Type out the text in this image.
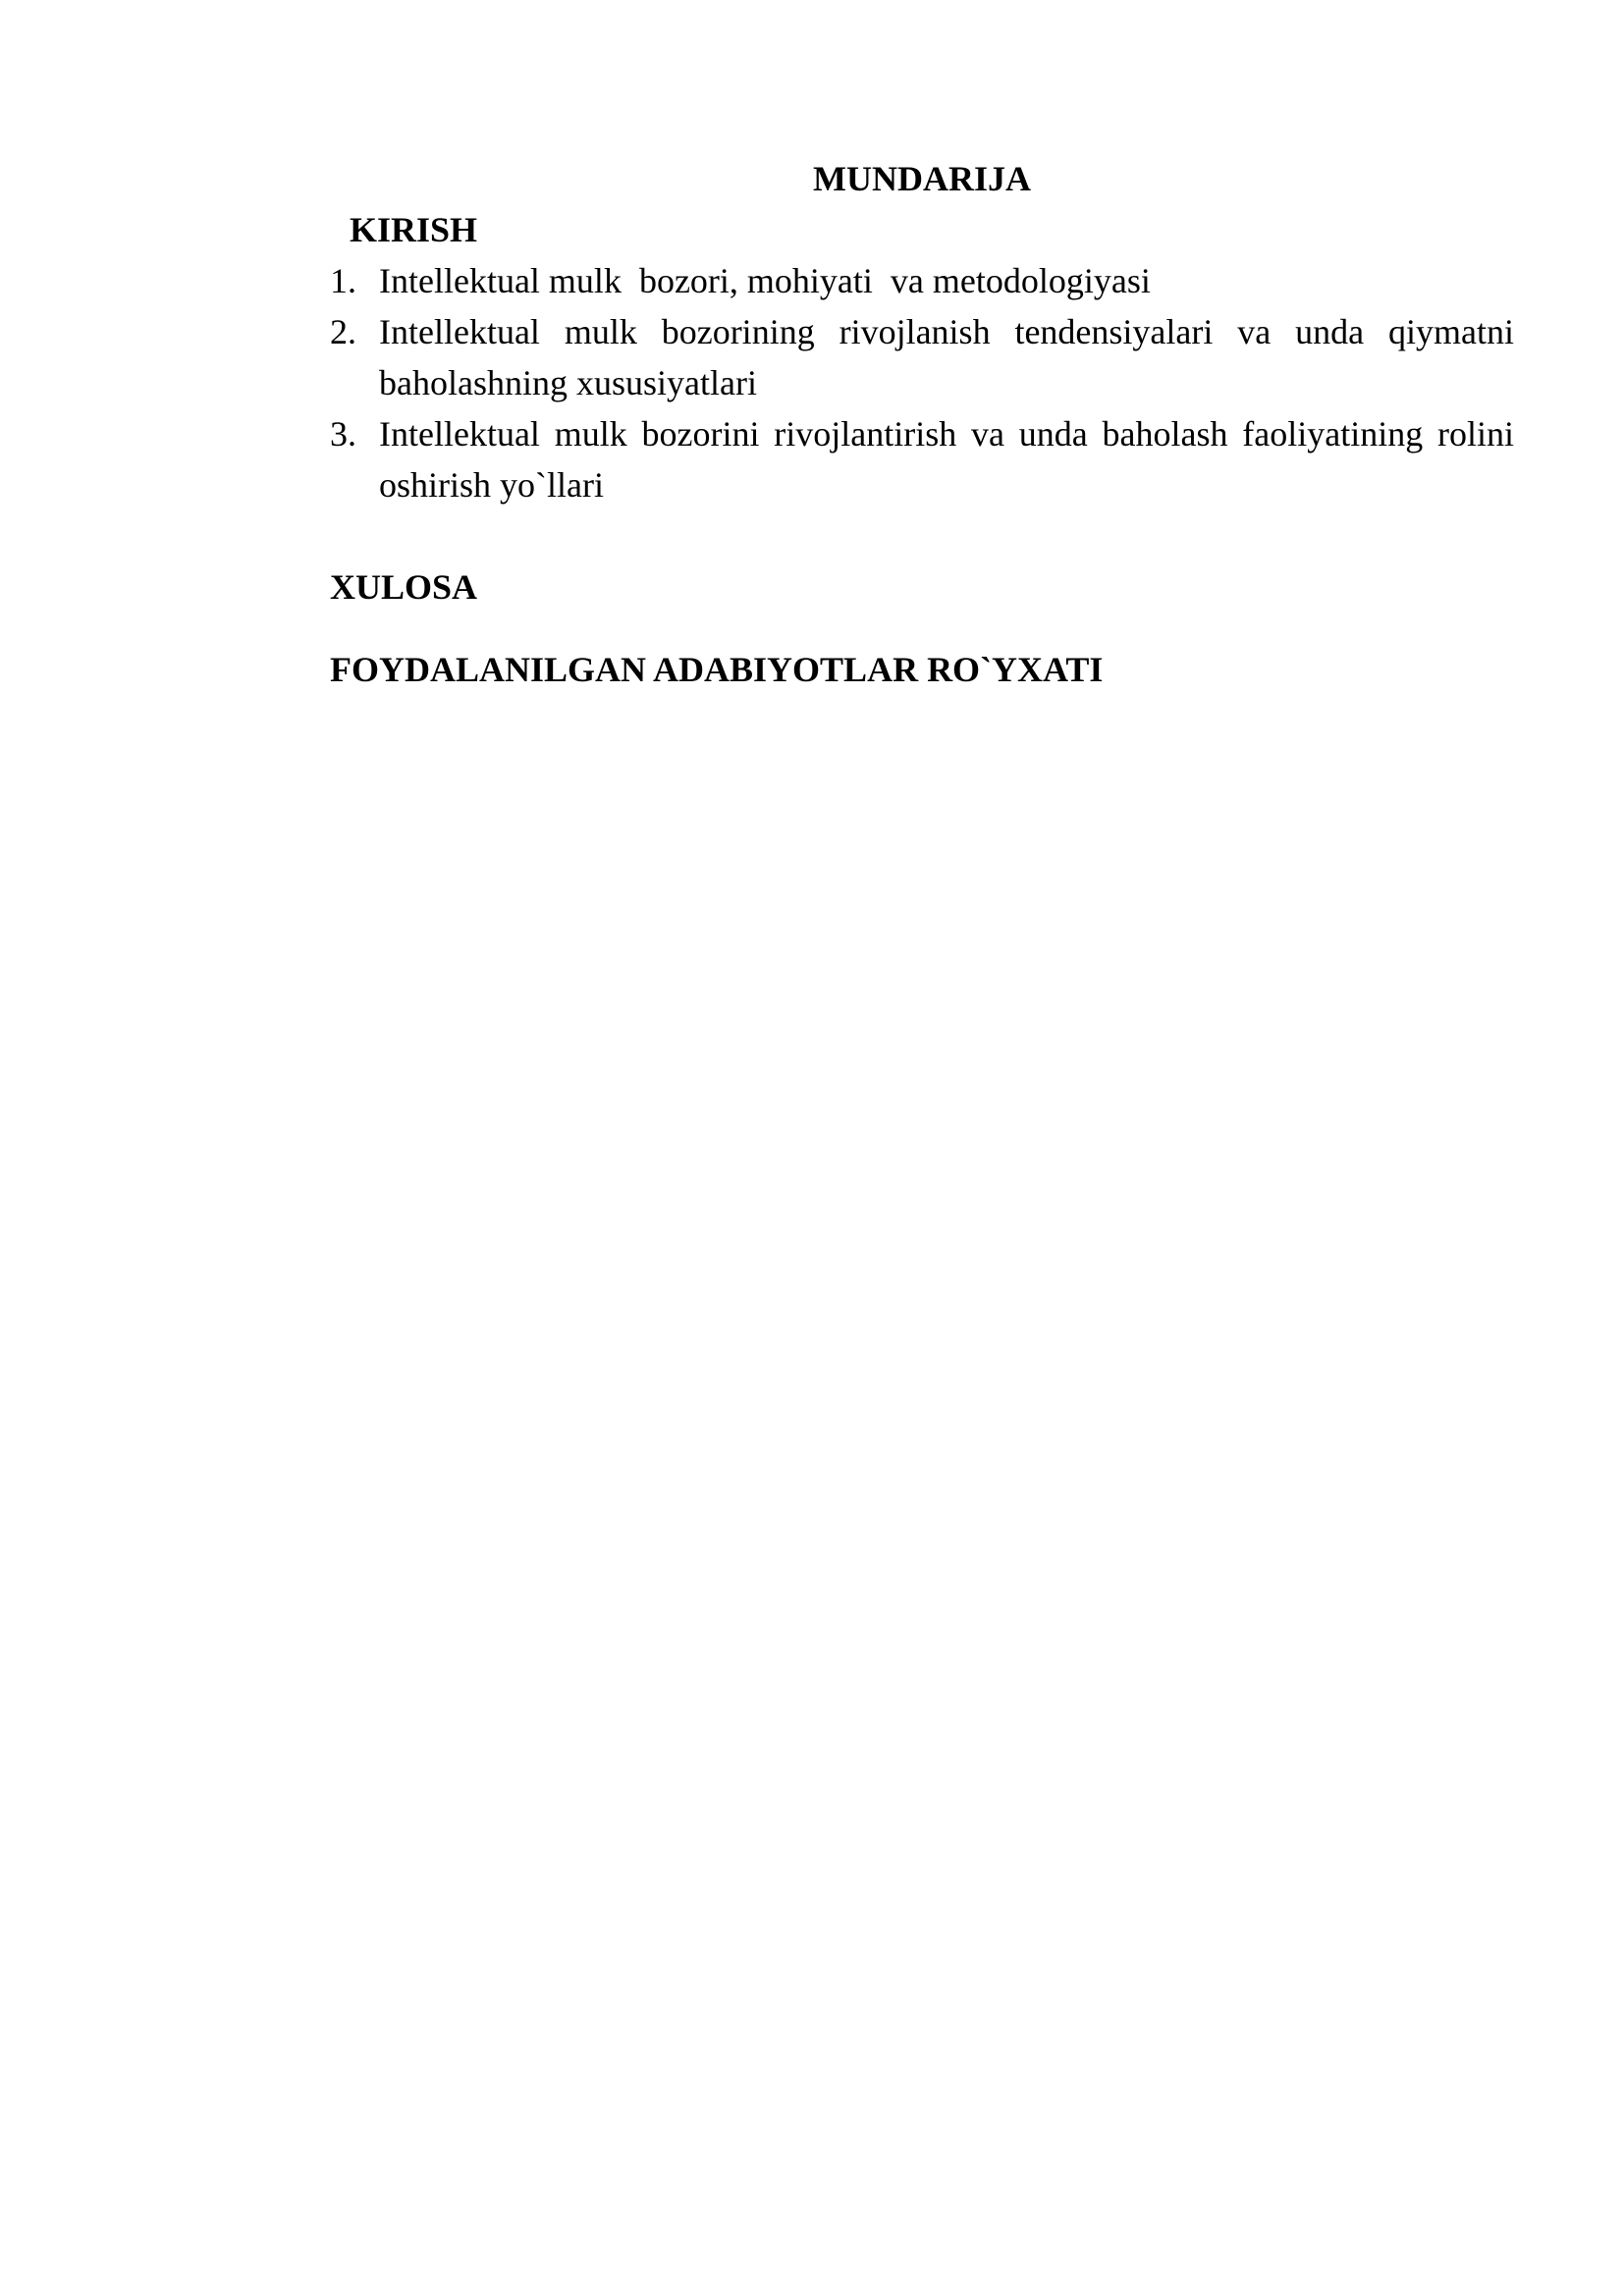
MUNDARIJA

KIRISH

1. Intellektual mulk  bozori, mohiyati  va metodologiyasi
2. Intellektual mulk bozorining rivojlanish tendensiyalari va unda qiymatni baholashning xususiyatlari
3. Intellektual mulk bozorini rivojlantirish va unda baholash faoliyatining rolini oshirish yo`llari

XULOSA

FOYDALANILGAN ADABIYOTLAR RO`YXATI
